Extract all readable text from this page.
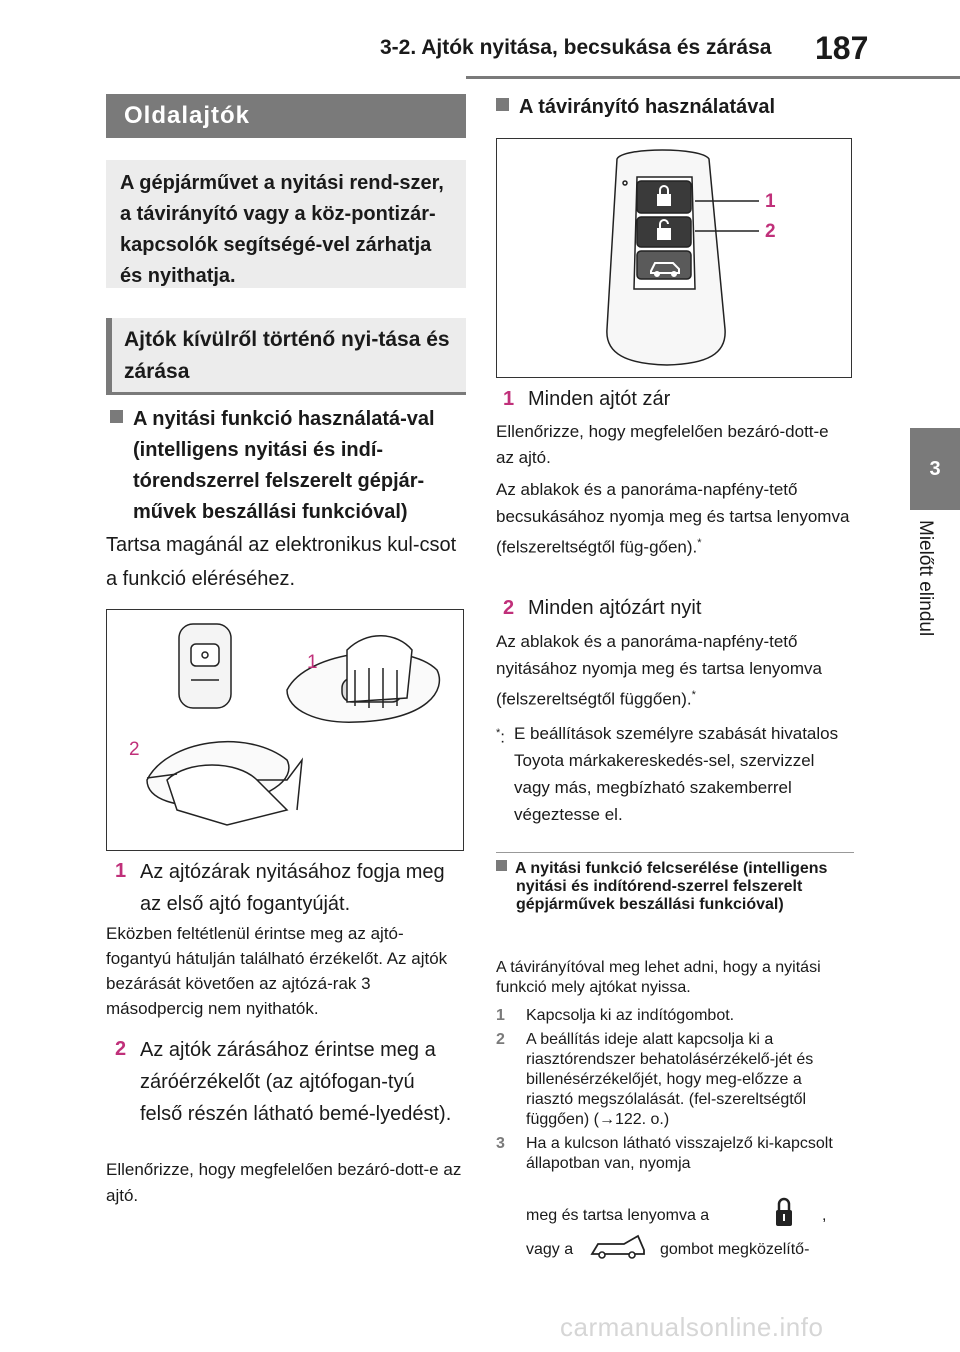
3-2. Ajtók nyitása, becsukása és zárása 187
3
Mielőtt elindul
Oldalajtók
A gépjárművet a nyitási rend-szer, a távirányító vagy a köz-pontizár-kapcsolók segítségé-vel zárhatja és nyithatja.
Ajtók kívülről történő nyi-tása és zárása
A nyitási funkció használatá-val (intelligens nyitási és indí-tórendszerrel felszerelt gépjár-művek beszállási funkcióval)
Tartsa magánál az elektronikus kul-csot a funkció eléréséhez.
1
2
1 Az ajtózárak nyitásához fogja meg az első ajtó fogantyúját.
Eközben feltétlenül érintse meg az ajtó-fogantyú hátulján található érzékelőt. Az ajtók bezárását követően az ajtózá-rak 3 másodpercig nem nyithatók.
2 Az ajtók zárásához érintse meg a záróérzékelőt (az ajtófogan-tyú felső részén látható bemé-lyedést).
Ellenőrizze, hogy megfelelően bezáró-dott-e az ajtó.
A távirányító használatával
1
2
1 Minden ajtót zár
Ellenőrizze, hogy megfelelően bezáró-dott-e az ajtó.
Az ablakok és a panoráma-napfény-tető becsukásához nyomja meg és tartsa lenyomva (felszereltségtől füg-gően).*
2 Minden ajtózárt nyit
Az ablakok és a panoráma-napfény-tető nyitásához nyomja meg és tartsa lenyomva (felszereltségtől függően).*
*: E beállítások személyre szabását hivatalos Toyota márkakereskedés-sel, szervizzel vagy más, megbízható szakemberrel végeztesse el.
A nyitási funkció felcserélése (intelligens nyitási és indítórend-szerrel felszerelt gépjárművek beszállási funkcióval)
A távirányítóval meg lehet adni, hogy a nyitási funkció mely ajtókat nyissa.
1	Kapcsolja ki az indítógombot.
2	A beállítás ideje alatt kapcsolja ki a riasztórendszer behatolásérzékelő-jét és billenésérzékelőjét, hogy meg-előzze a riasztó megszólalását. (fel-szereltségtől függően) (→122. o.)
3	Ha a kulcson látható visszajelző ki-kapcsolt állapotban van, nyomja
meg és tartsa lenyomva a	,
vagy a	gombot megközelítő-
carmanualsonline.info
